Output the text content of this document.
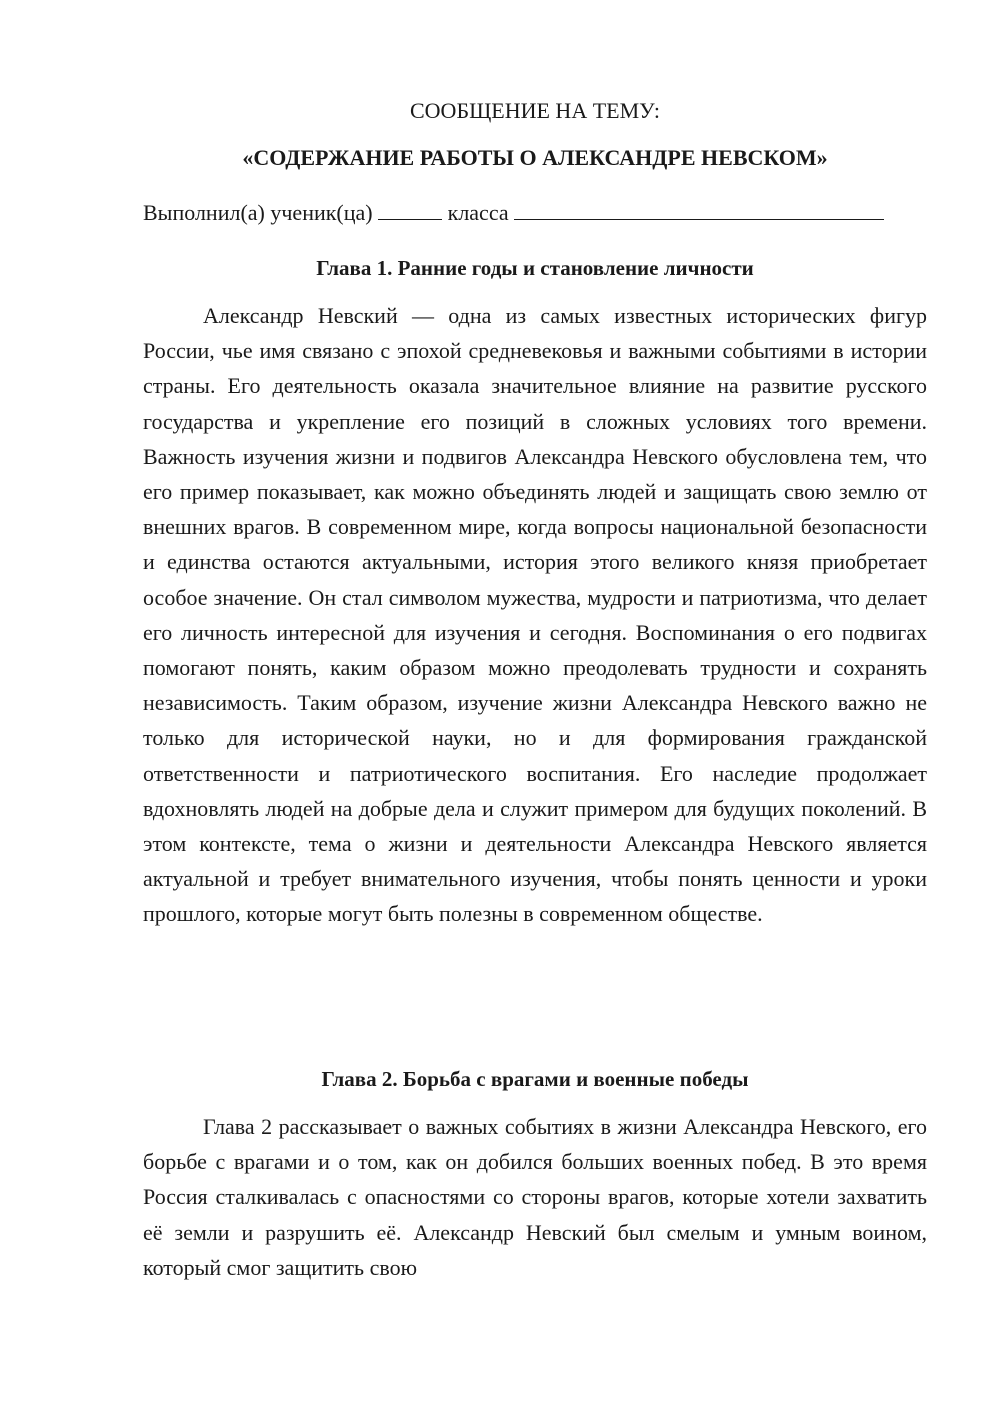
СООБЩЕНИЕ НА ТЕМУ:

«СОДЕРЖАНИЕ РАБОТЫ О АЛЕКСАНДРЕ НЕВСКОМ»

Выполнил(а) ученик(ца)	класса

Глава 1. Ранние годы и становление личности

Александр Невский — одна из самых известных исторических фигур России, чье имя связано с эпохой средневековья и важными событиями в истории страны. Его деятельность оказала значительное влияние на развитие русского государства и укрепление его позиций в сложных условиях того времени. Важность изучения жизни и подвигов Александра Невского обусловлена тем, что его пример показывает, как можно объединять людей и защищать свою землю от внешних врагов. В современном мире, когда вопросы национальной безопасности и единства остаются актуальными, история этого великого князя приобретает особое значение. Он стал символом мужества, мудрости и патриотизма, что делает его личность интересной для изучения и сегодня. Воспоминания о его подвигах помогают понять, каким образом можно преодолевать трудности и сохранять независимость. Таким образом, изучение жизни Александра Невского важно не только для исторической науки, но и для формирования гражданской ответственности и патриотического воспитания. Его наследие продолжает вдохновлять людей на добрые дела и служит примером для будущих поколений. В этом контексте, тема о жизни и деятельности Александра Невского является актуальной и требует внимательного изучения, чтобы понять ценности и уроки прошлого, которые могут быть полезны в современном обществе.

Глава 2. Борьба с врагами и военные победы

Глава 2 рассказывает о важных событиях в жизни Александра Невского, его борьбе с врагами и о том, как он добился больших военных побед. В это время Россия сталкивалась с опасностями со стороны врагов, которые хотели захватить её земли и разрушить её. Александр Невский был смелым и умным воином, который смог защитить свою
